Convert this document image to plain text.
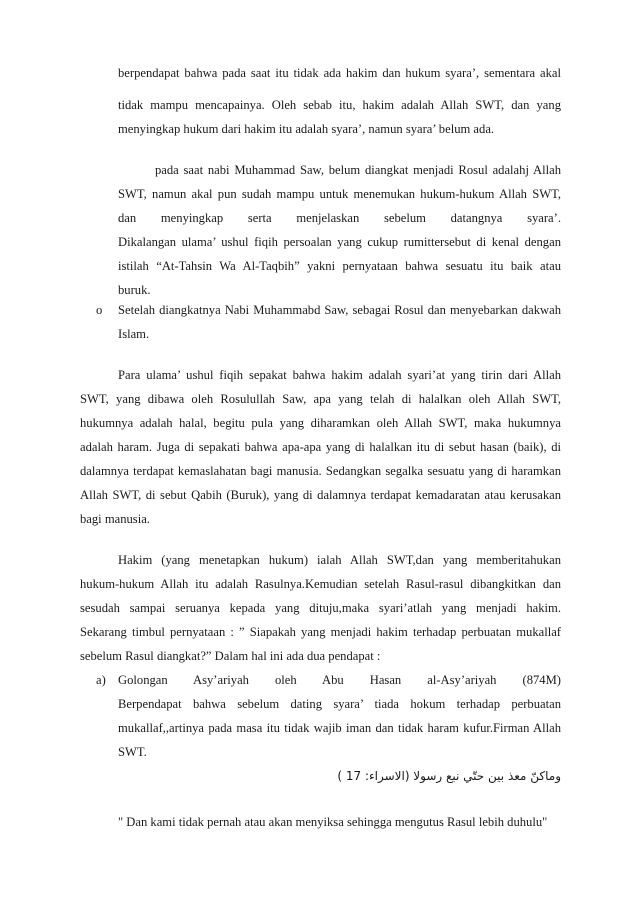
berpendapat bahwa pada saat itu tidak ada hakim dan hukum syara’, sementara akal
tidak mampu mencapainya. Oleh sebab itu, hakim adalah Allah SWT, dan yang
menyingkap hukum dari hakim itu adalah syara’, namun syara’ belum ada.
pada saat nabi Muhammad Saw, belum diangkat menjadi Rosul adalahj Allah
SWT, namun akal pun sudah mampu untuk menemukan hukum-hukum Allah SWT,
dan menyingkap serta menjelaskan sebelum datangnya syara’.
Dikalangan ulama’ ushul fiqih persoalan yang cukup rumittersebut di kenal dengan
istilah “At-Tahsin Wa Al-Taqbih” yakni pernyataan bahwa sesuatu itu baik atau
buruk.
o Setelah diangkatnya Nabi Muhammabd Saw, sebagai Rosul dan menyebarkan dakwah
Islam.
Para ulama’ ushul fiqih sepakat bahwa hakim adalah syari’at yang tirin dari Allah
SWT, yang dibawa oleh Rosulullah Saw, apa yang telah di halalkan oleh Allah SWT,
hukumnya adalah halal, begitu pula yang diharamkan oleh Allah SWT, maka hukumnya
adalah haram. Juga di sepakati bahwa apa-apa yang di halalkan itu di sebut hasan (baik), di
dalamnya terdapat kemaslahatan bagi manusia. Sedangkan segalka sesuatu yang di haramkan
Allah SWT, di sebut Qabih (Buruk), yang di dalamnya terdapat kemadaratan atau kerusakan
bagi manusia.
Hakim (yang menetapkan hukum) ialah Allah SWT,dan yang memberitahukan
hukum-hukum Allah itu adalah Rasulnya.Kemudian setelah Rasul-rasul dibangkitkan dan
sesudah sampai seruanya kepada yang dituju,maka syari’atlah yang menjadi hakim.
Sekarang timbul pernyataan : ” Siapakah yang menjadi hakim terhadap perbuatan mukallaf
sebelum Rasul diangkat?” Dalam hal ini ada dua pendapat :
a) Golongan Asy’ariyah oleh Abu Hasan al-Asy’ariyah (874M)
Berpendapat bahwa sebelum dating syara’ tiada hokum terhadap perbuatan
mukallaf,,artinya pada masa itu tidak wajib iman dan tidak haram kufur.Firman Allah
SWT.
وماكنّ معذ بين حتّي نبع رسولا (الاسراء: 17 )
" Dan kami tidak pernah atau akan menyiksa sehingga mengutus Rasul lebih duhulu"
